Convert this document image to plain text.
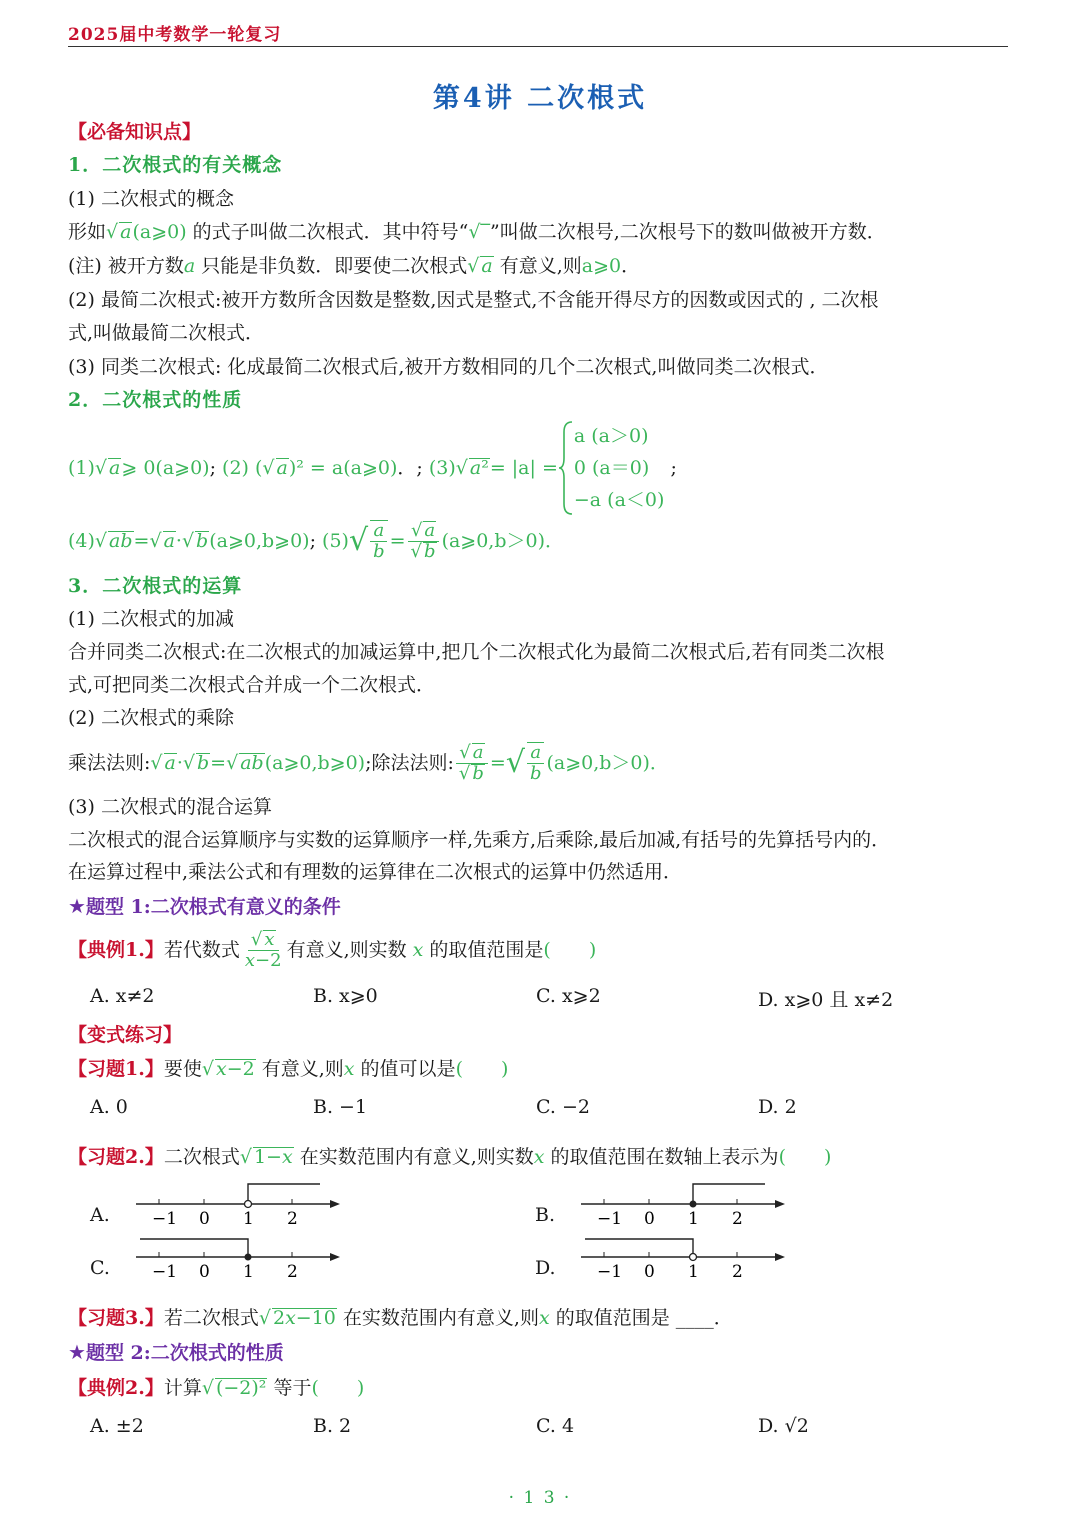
2025届中考数学一轮复习
第4讲 二次根式
【必备知识点】
1．二次根式的有关概念
(1) 二次根式的概念
形如√ a(a⩾0) 的式子叫做二次根式．其中符号“√‾”叫做二次根号,二次根号下的数叫做被开方数．
(注) 被开方数a 只能是非负数．即要使二次根式√ a 有意义,则a⩾0．
(2) 最简二次根式:被开方数所含因数是整数,因式是整式,不含能开得尽方的因数或因式的 , 二次根
式,叫做最简二次根式．
(3) 同类二次根式: 化成最简二次根式后,被开方数相同的几个二次根式,叫做同类二次根式．
2．二次根式的性质
(1) √ a ⩾ 0(a⩾0) ; (2) ( √ a )² = a(a⩾0) ．; (3) √ a² = |a| =
a (a＞0)
0 (a＝0)
−a (a＜0)
;
(4) √ ab = √ a · √ b (a⩾0,b⩾0) ; (5) √ $\frac{a}{b} = \frac{√ a}{√ b}$ (a⩾0,b＞0)．
3．二次根式的运算
(1) 二次根式的加减
合并同类二次根式:在二次根式的加减运算中,把几个二次根式化为最简二次根式后,若有同类二次根
式,可把同类二次根式合并成一个二次根式．
(2) 二次根式的乘除
乘法法则: √ a·√ b=√ ab (a⩾0,b⩾0) ;除法法则: $\frac{√ a}{√ b}$ = √ $\frac{a}{b}$ (a⩾0,b＞0)．
(3) 二次根式的混合运算
二次根式的混合运算顺序与实数的运算顺序一样,先乘方,后乘除,最后加减,有括号的先算括号内的．
在运算过程中,乘法公式和有理数的运算律在二次根式的运算中仍然适用．
★题型 1:二次根式有意义的条件
【典例1.】 若代数式 $\frac{√ x}{x-2}$ 有意义,则实数 x 的取值范围是 (　　)
A. x≠2	B. x⩾0	C. x⩾2	D. x⩾0 且 x≠2
【变式练习】
【习题1.】要使√ x−2 有意义,则x 的值可以是(　　)
A. 0	B. −1	C. −2	D. 2
【习题2.】二次根式√ 1−x 在实数范围内有意义,则实数x 的取值范围在数轴上表示为(　　)
A.	B.
C.	D.
−1 0 1 2	−1 0 1 2
−1 0 1 2	−1 0 1 2
【习题3.】若二次根式√ 2x−10 在实数范围内有意义,则x 的取值范围是 ____．
★题型 2:二次根式的性质
【典例2.】计算√ (−2)² 等于(　　)
A. ±2	B. 2	C. 4	D. √2
· 1 3 ·
